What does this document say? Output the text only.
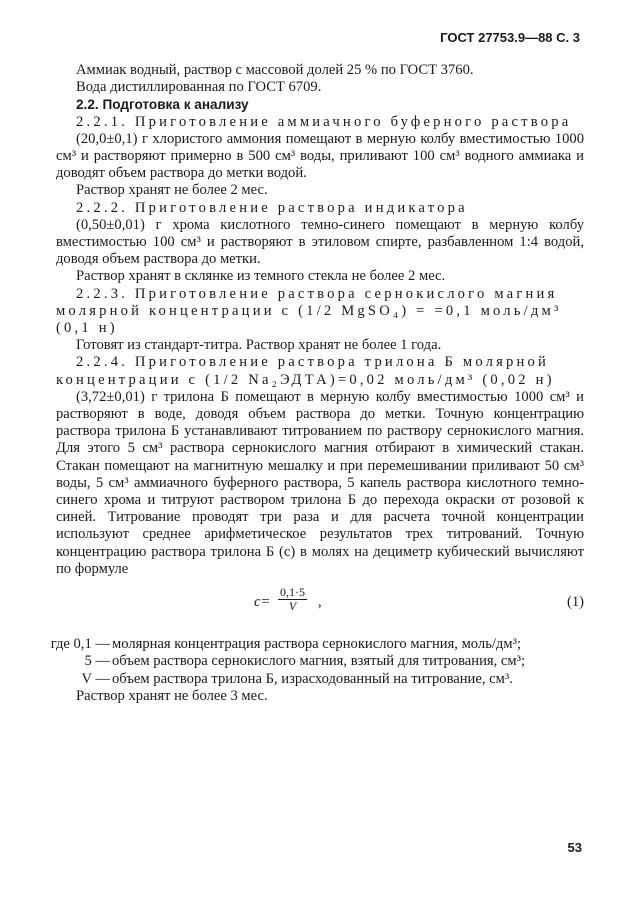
ГОСТ 27753.9—88 С. 3

Аммиак водный, раствор с массовой долей 25 % по ГОСТ 3760.

Вода дистиллированная по ГОСТ 6709.

2.2. Подготовка к анализу

2.2.1. Приготовление аммиачного буферного раствора

(20,0±0,1) г хлористого аммония помещают в мерную колбу вместимостью 1000 см³ и растворяют примерно в 500 см³ воды, приливают 100 см³ водного аммиака и доводят объем раствора до метки водой.

Раствор хранят не более 2 мес.

2.2.2. Приготовление раствора индикатора

(0,50±0,01) г хрома кислотного темно-синего помещают в мерную колбу вместимостью 100 см³ и растворяют в этиловом спирте, разбавленном 1:4 водой, доводя объем раствора до метки.

Раствор хранят в склянке из темного стекла не более 2 мес.

2.2.3. Приготовление раствора сернокислого магния молярной концентрации c (1/2 MgSO₄) = =0,1 моль/дм³ (0,1 н)

Готовят из стандарт-титра. Раствор хранят не более 1 года.

2.2.4. Приготовление раствора трилона Б молярной концентрации c (1/2 Na₂ЭДТА)=0,02 моль/дм³ (0,02 н)

(3,72±0,01) г трилона Б помещают в мерную колбу вместимостью 1000 см³ и растворяют в воде, доводя объем раствора до метки. Точную концентрацию раствора трилона Б устанавливают титрованием по раствору сернокислого магния. Для этого 5 см³ раствора сернокислого магния отбирают в химический стакан. Стакан помещают на магнитную мешалку и при перемешивании приливают 50 см³ воды, 5 см³ аммиачного буферного раствора, 5 капель раствора кислотного темно-синего хрома и титруют раствором трилона Б до перехода окраски от розовой к синей. Титрование проводят три раза и для расчета точной концентрации используют среднее арифметическое результатов трех титрований. Точную концентрацию раствора трилона Б (c) в молях на дециметр кубический вычисляют по формуле

$c= \frac{0,1\cdot 5}{V}$ ,	(1)

где 0,1 — молярная концентрация раствора сернокислого магния, моль/дм³;

5 — объем раствора сернокислого магния, взятый для титрования, см³;

V — объем раствора трилона Б, израсходованный на титрование, см³.

Раствор хранят не более 3 мес.

53
